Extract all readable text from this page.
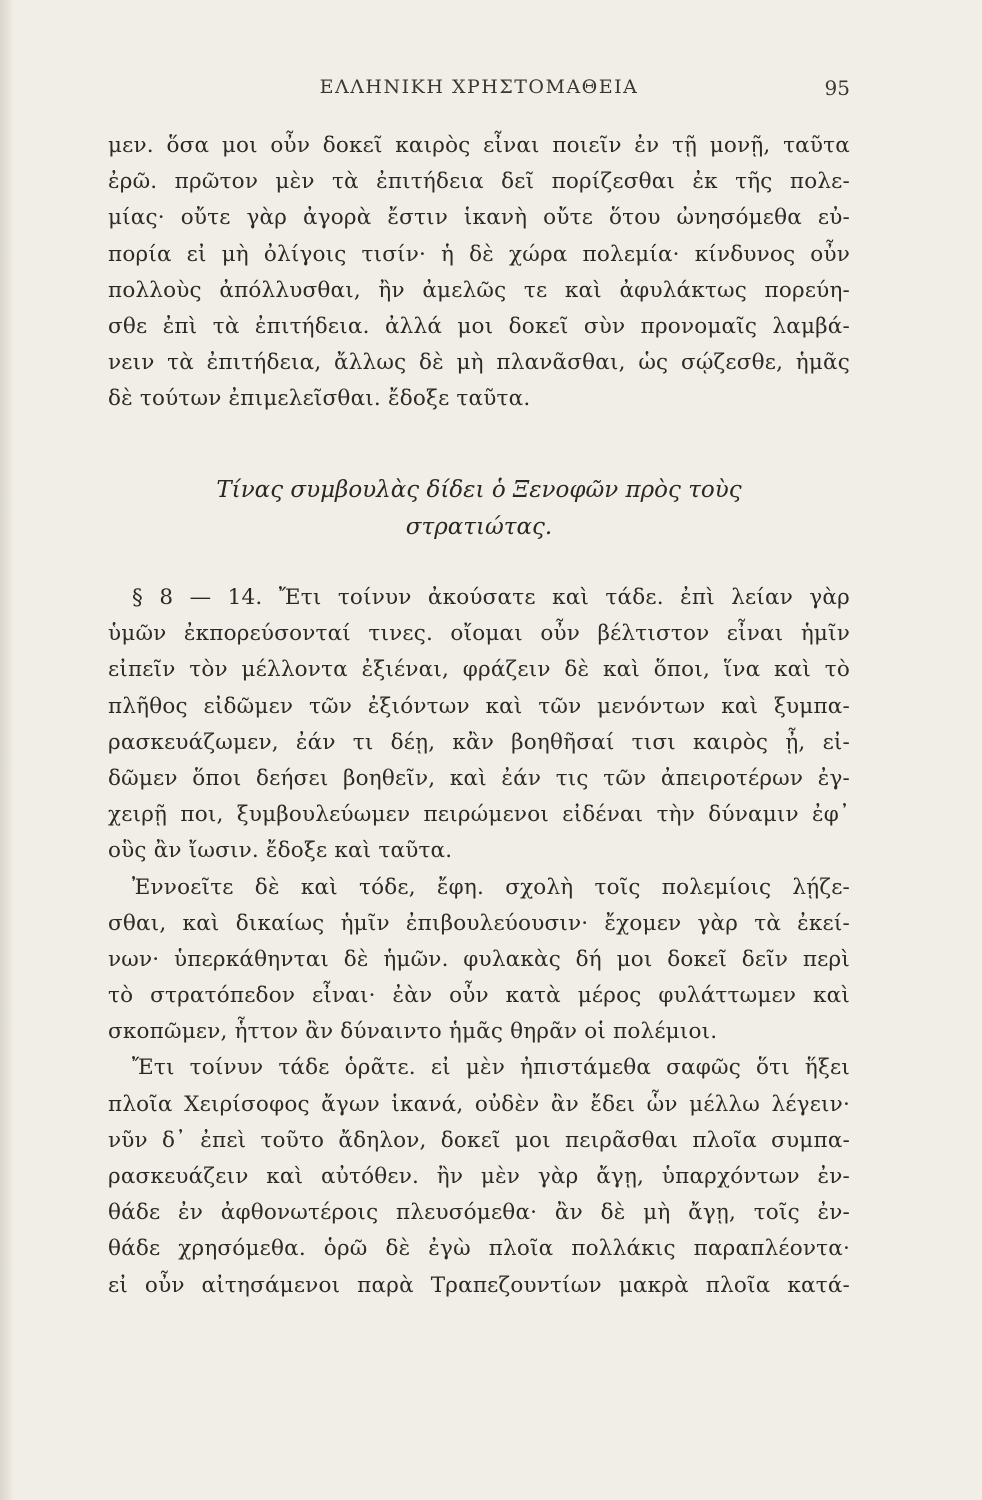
ΕΛΛΗΝΙΚΗ ΧΡΗΣΤΟΜΑΘΕΙΑ	95
μεν. ὅσα μοι οὖν δοκεῖ καιρὸς εἶναι ποιεῖν ἐν τῇ μονῇ, ταῦτα
ἐρῶ. πρῶτον μὲν τὰ ἐπιτήδεια δεῖ πορίζεσθαι ἐκ τῆς πολε-
μίας· οὔτε γὰρ ἀγορὰ ἔστιν ἱκανὴ οὔτε ὅτου ὠνησόμεθα εὐ-
πορία εἰ μὴ ὀλίγοις τισίν· ἡ δὲ χώρα πολεμία· κίνδυνος οὖν
πολλοὺς ἀπόλλυσθαι, ἢν ἀμελῶς τε καὶ ἀφυλάκτως πορεύη-
σθε ἐπὶ τὰ ἐπιτήδεια. ἀλλά μοι δοκεῖ σὺν προνομαῖς λαμβά-
νειν τὰ ἐπιτήδεια, ἄλλως δὲ μὴ πλανᾶσθαι, ὡς σῴζεσθε, ἡμᾶς
δὲ τούτων ἐπιμελεῖσθαι. ἔδοξε ταῦτα.
Τίνας συμβουλὰς δίδει ὁ Ξενοφῶν πρὸς τοὺς
στρατιώτας.
§ 8 — 14. Ἔτι τοίνυν ἀκούσατε καὶ τάδε. ἐπὶ λείαν γὰρ
ὑμῶν ἐκπορεύσονταί τινες. οἴομαι οὖν βέλτιστον εἶναι ἡμῖν
εἰπεῖν τὸν μέλλοντα ἐξιέναι, φράζειν δὲ καὶ ὅποι, ἵνα καὶ τὸ
πλῆθος εἰδῶμεν τῶν ἐξιόντων καὶ τῶν μενόντων καὶ ξυμπα-
ρασκευάζωμεν, ἐάν τι δέῃ, κἂν βοηθῆσαί τισι καιρὸς ᾖ, εἰ-
δῶμεν ὅποι δεήσει βοηθεῖν, καὶ ἐάν τις τῶν ἀπειροτέρων ἐγ-
χειρῇ ποι, ξυμβουλεύωμεν πειρώμενοι εἰδέναι τὴν δύναμιν ἐφ᾽
οὓς ἂν ἴωσιν. ἔδοξε καὶ ταῦτα.
Ἐννοεῖτε δὲ καὶ τόδε, ἔφη. σχολὴ τοῖς πολεμίοις λῄζε-
σθαι, καὶ δικαίως ἡμῖν ἐπιβουλεύουσιν· ἔχομεν γὰρ τὰ ἐκεί-
νων· ὑπερκάθηνται δὲ ἡμῶν. φυλακὰς δή μοι δοκεῖ δεῖν περὶ
τὸ στρατόπεδον εἶναι· ἐὰν οὖν κατὰ μέρος φυλάττωμεν καὶ
σκοπῶμεν, ἧττον ἂν δύναιντο ἡμᾶς θηρᾶν οἱ πολέμιοι.
Ἔτι τοίνυν τάδε ὁρᾶτε. εἰ μὲν ἠπιστάμεθα σαφῶς ὅτι ἥξει
πλοῖα Χειρίσοφος ἄγων ἱκανά, οὐδὲν ἂν ἔδει ὧν μέλλω λέγειν·
νῦν δ᾽ ἐπεὶ τοῦτο ἄδηλον, δοκεῖ μοι πειρᾶσθαι πλοῖα συμπα-
ρασκευάζειν καὶ αὐτόθεν. ἢν μὲν γὰρ ἄγῃ, ὑπαρχόντων ἐν-
θάδε ἐν ἀφθονωτέροις πλευσόμεθα· ἂν δὲ μὴ ἄγῃ, τοῖς ἐν-
θάδε χρησόμεθα. ὁρῶ δὲ ἐγὼ πλοῖα πολλάκις παραπλέοντα·
εἰ οὖν αἰτησάμενοι παρὰ Τραπεζουντίων μακρὰ πλοῖα κατά-
